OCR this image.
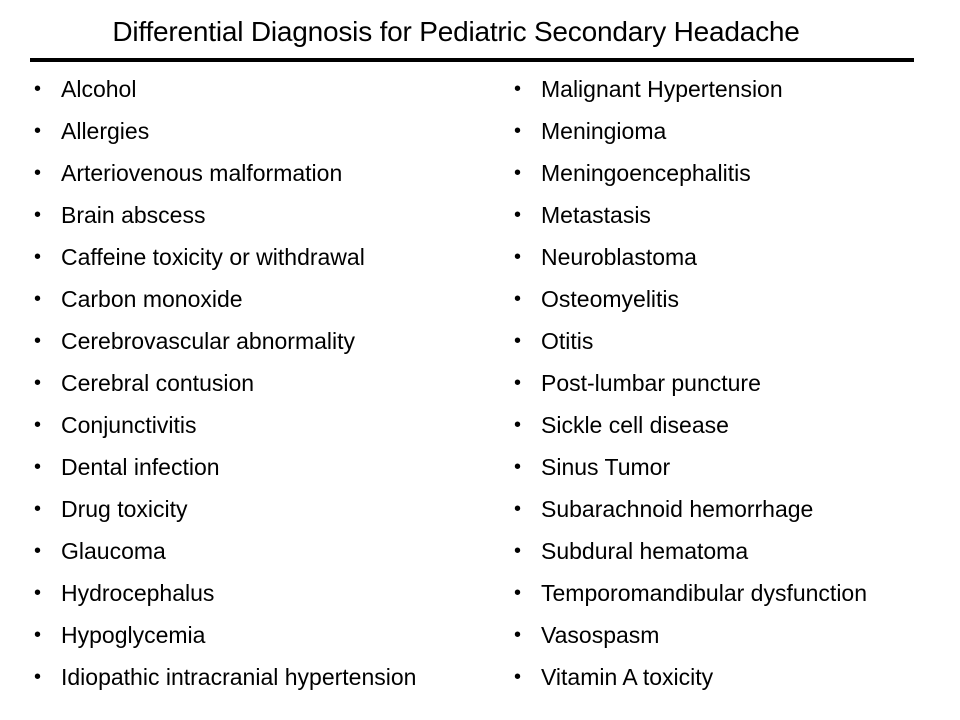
Differential Diagnosis for Pediatric Secondary Headache
• Alcohol
• Allergies
• Arteriovenous malformation
• Brain abscess
• Caffeine toxicity or withdrawal
• Carbon monoxide
• Cerebrovascular abnormality
• Cerebral contusion
• Conjunctivitis
• Dental infection
• Drug toxicity
• Glaucoma
• Hydrocephalus
• Hypoglycemia
• Idiopathic intracranial hypertension
• Malignant Hypertension
• Meningioma
• Meningoencephalitis
• Metastasis
• Neuroblastoma
• Osteomyelitis
• Otitis
• Post-lumbar puncture
• Sickle cell disease
• Sinus Tumor
• Subarachnoid hemorrhage
• Subdural hematoma
• Temporomandibular dysfunction
• Vasospasm
• Vitamin A toxicity
